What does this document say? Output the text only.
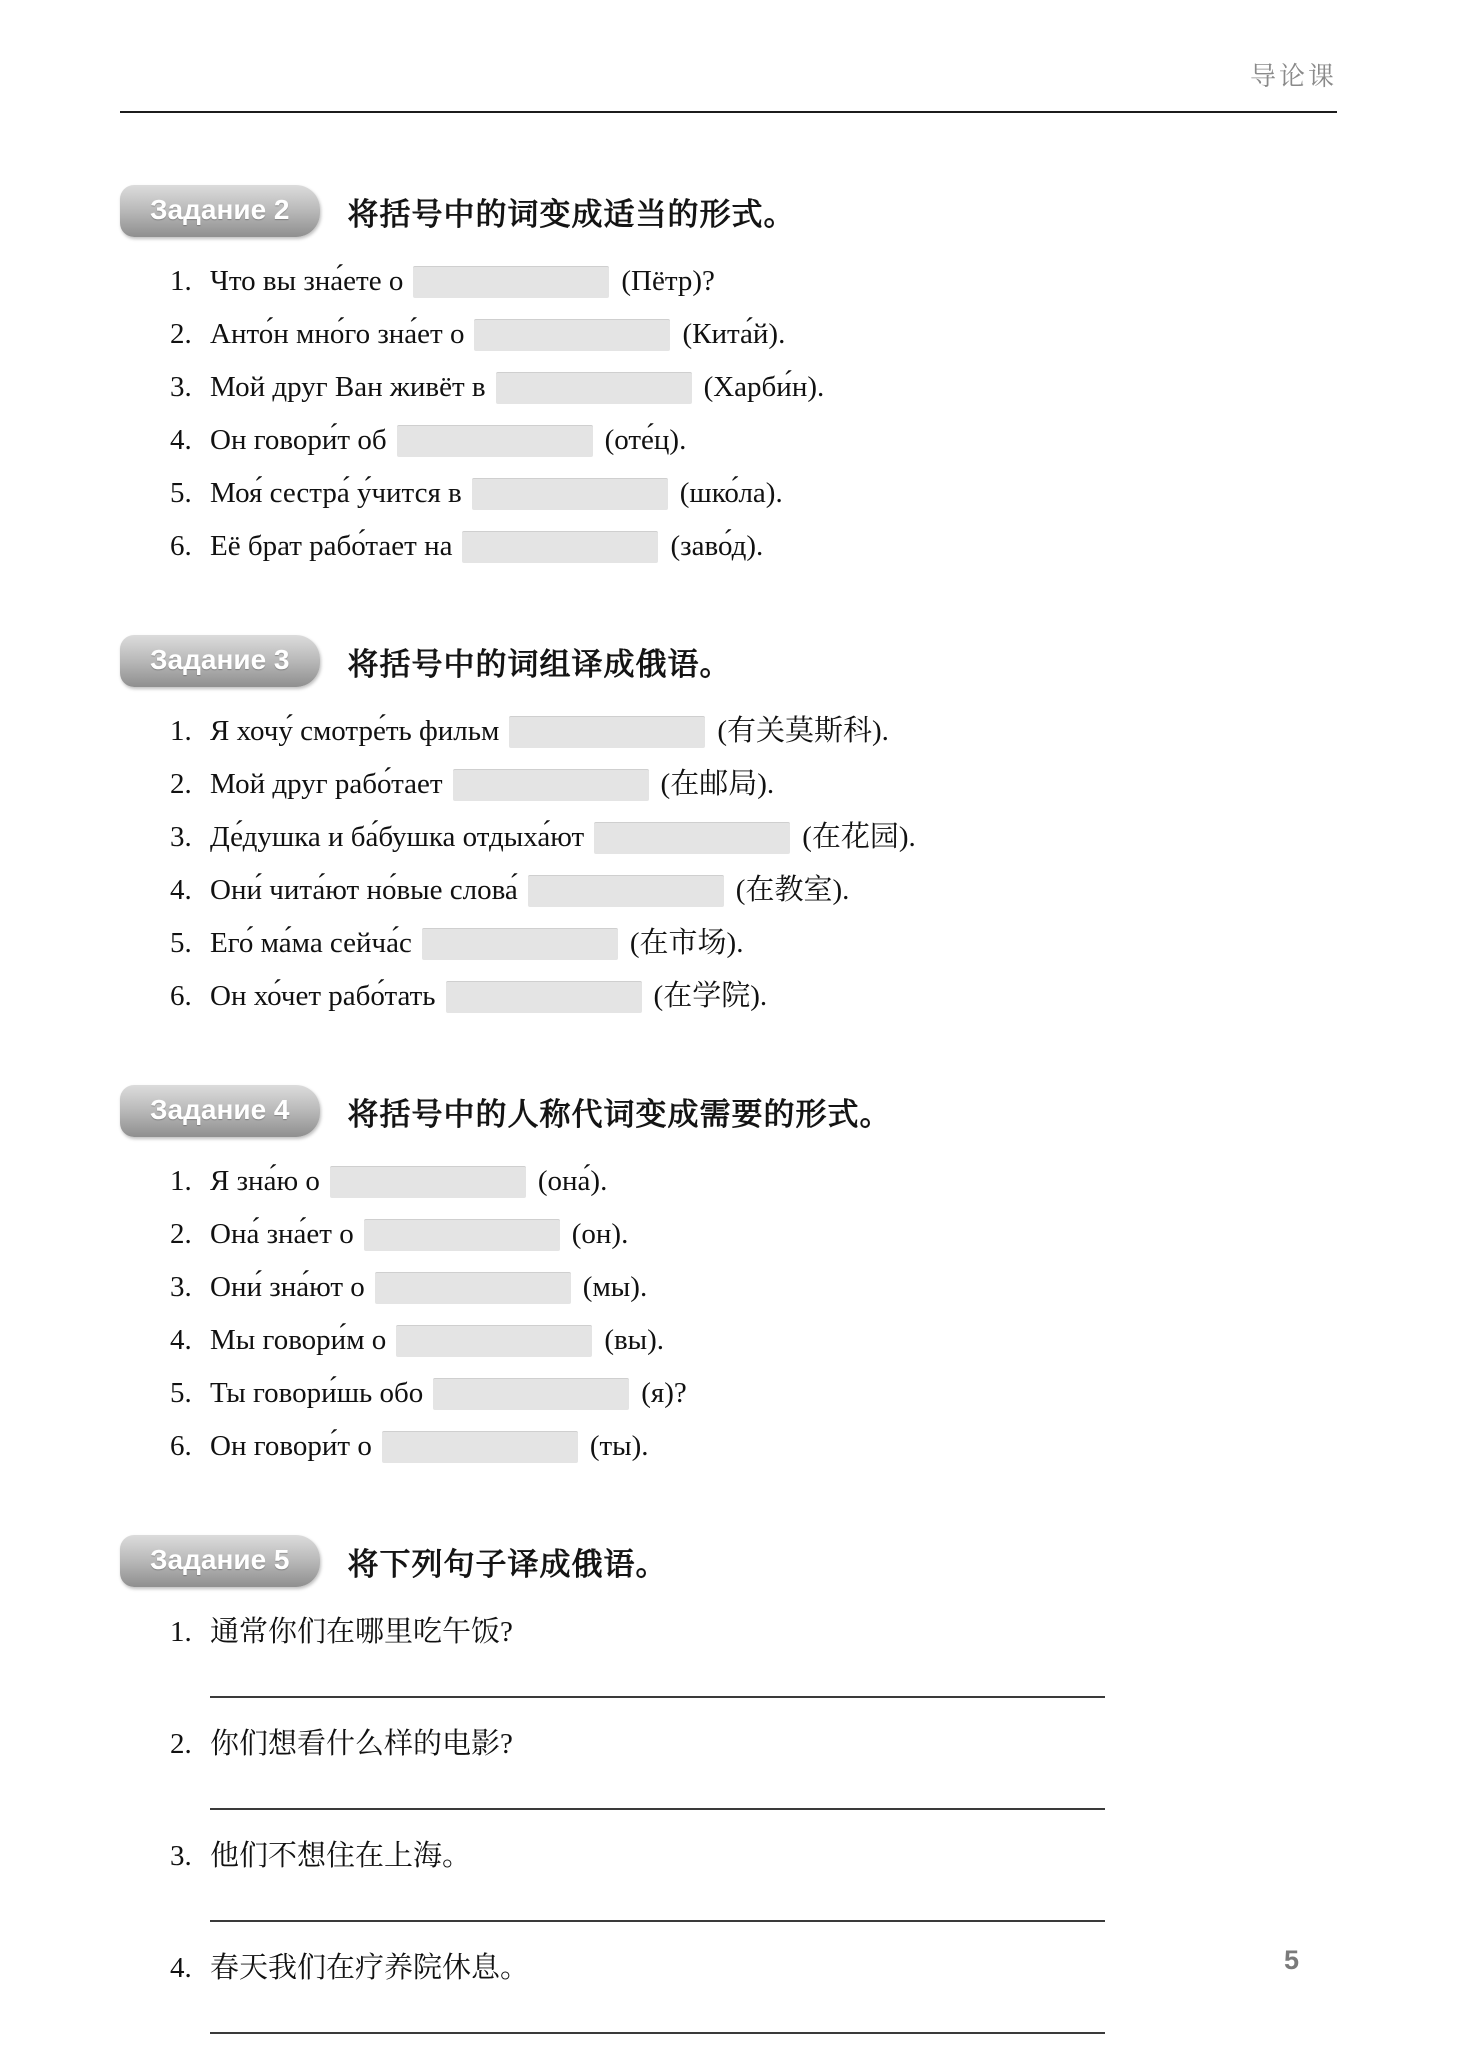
导论课
Задание 2	将括号中的词变成适当的形式。
1. Что вы зна́ете о	(Пётр)?
2. Анто́н мно́го зна́ет о	(Кита́й).
3. Мой друг Ван живёт в	(Харби́н).
4. Он говори́т об	(оте́ц).
5. Моя́ сестра́ у́чится в	(шко́ла).
6. Её брат рабо́тает на	(заво́д).
Задание 3	将括号中的词组译成俄语。
1. Я хочу́ смотре́ть фильм	(有关莫斯科).
2. Мой друг рабо́тает	(在邮局).
3. Де́душка и ба́бушка отдыха́ют	(在花园).
4. Они́ чита́ют но́вые слова́	(在教室).
5. Его́ ма́ма сейча́с	(在市场).
6. Он хо́чет рабо́тать	(在学院).
Задание 4	将括号中的人称代词变成需要的形式。
1. Я зна́ю о	(она́).
2. Она́ зна́ет о	(он).
3. Они́ зна́ют о	(мы).
4. Мы говори́м о	(вы).
5. Ты говори́шь обо	(я)?
6. Он говори́т о	(ты).
Задание 5	将下列句子译成俄语。
1. 通常你们在哪里吃午饭?
2. 你们想看什么样的电影?
3. 他们不想住在上海。
4. 春天我们在疗养院休息。	5
